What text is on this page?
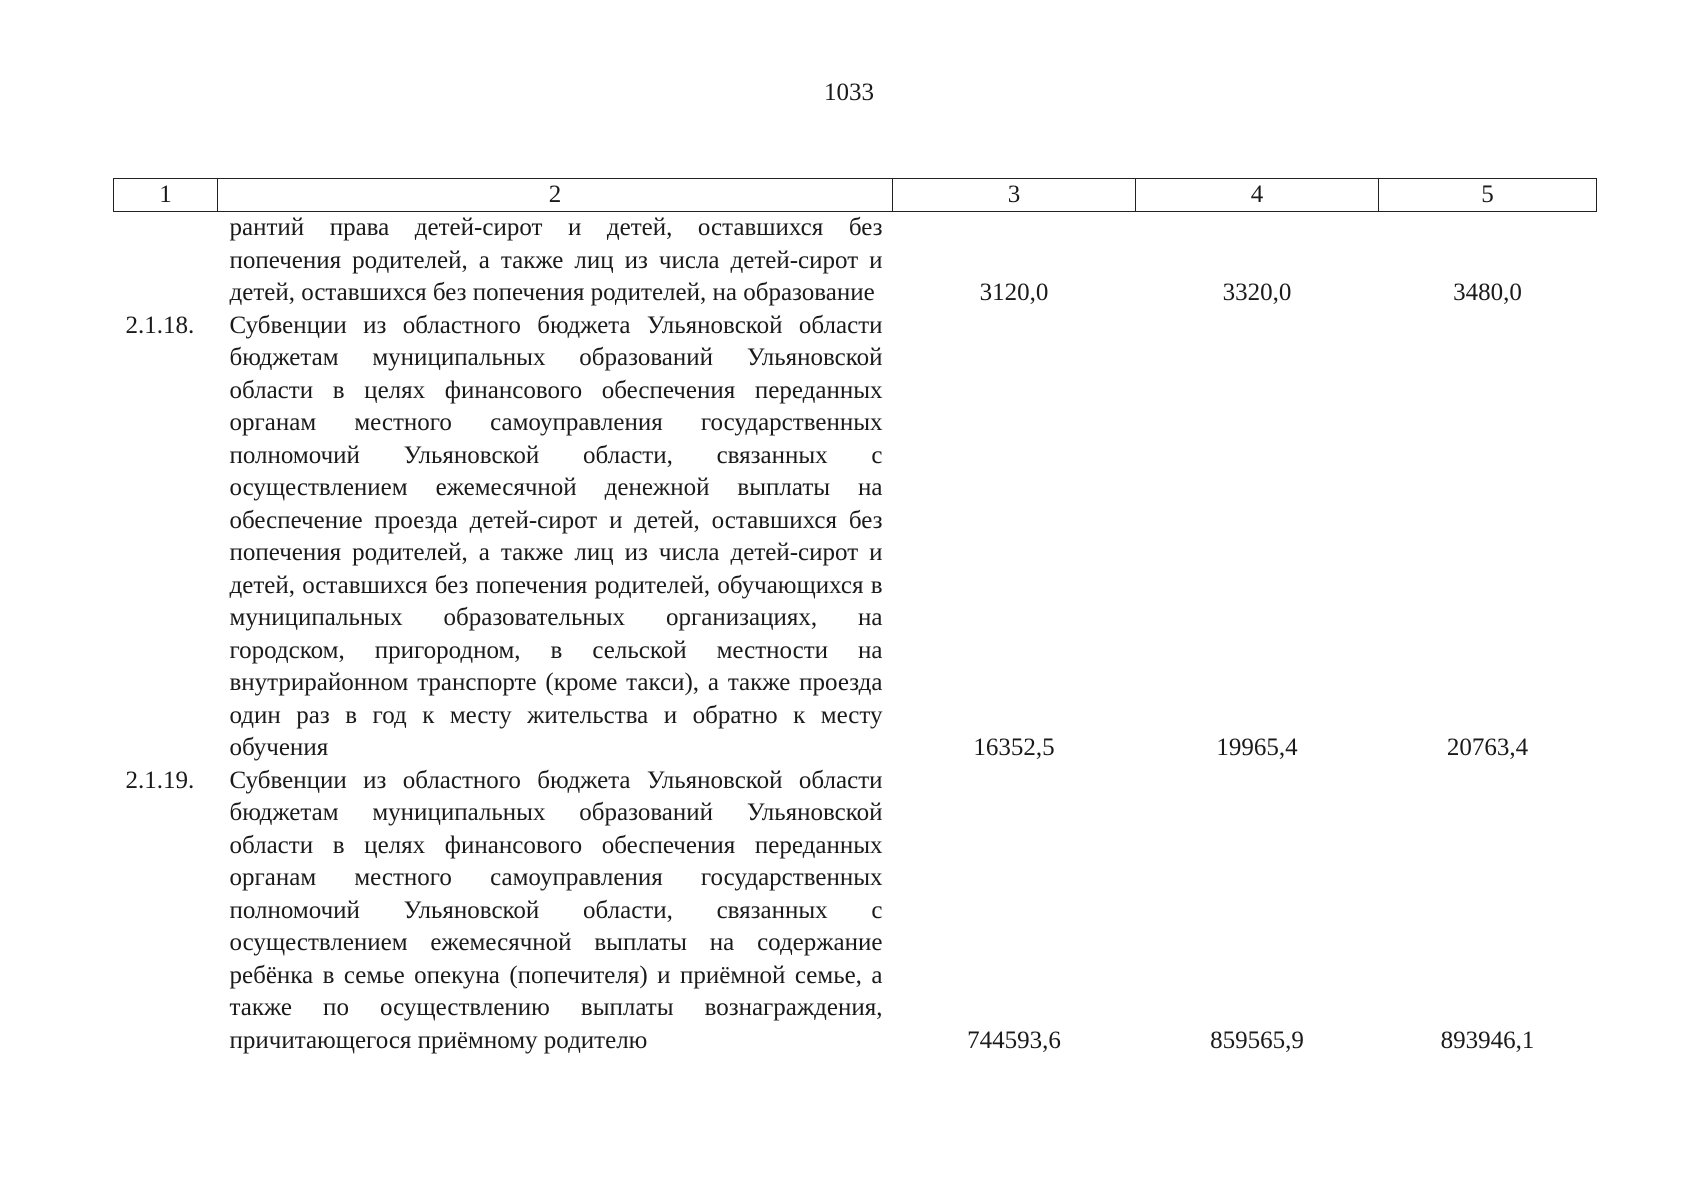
1033
1	2	3	4	5
	рантий права детей-сирот и детей, оставшихся без попечения родителей, а также лиц из числа детей-сирот и детей, оставшихся без попечения родителей, на образование	3120,0	3320,0	3480,0
2.1.18.	Субвенции из областного бюджета Ульяновской области бюджетам муниципальных образований Ульяновской области в целях финансового обеспечения переданных органам местного самоуправления государственных полномочий Ульяновской области, связанных с осуществлением ежемесячной денежной выплаты на обеспечение проезда детей-сирот и детей, оставшихся без попечения родителей, а также лиц из числа детей-сирот и детей, оставшихся без попечения родителей, обучающихся в муниципальных образовательных организациях, на городском, пригородном, в сельской местности на внутрирайонном транспорте (кроме такси), а также проезда один раз в год к месту жительства и обратно к месту обучения	16352,5	19965,4	20763,4
2.1.19.	Субвенции из областного бюджета Ульяновской области бюджетам муниципальных образований Ульяновской области в целях финансового обеспечения переданных органам местного самоуправления государственных полномочий Ульяновской области, связанных с осуществлением ежемесячной выплаты на содержание ребёнка в семье опекуна (попечителя) и приёмной семье, а также по осуществлению выплаты вознаграждения, причитающегося приёмному родителю	744593,6	859565,9	893946,1
